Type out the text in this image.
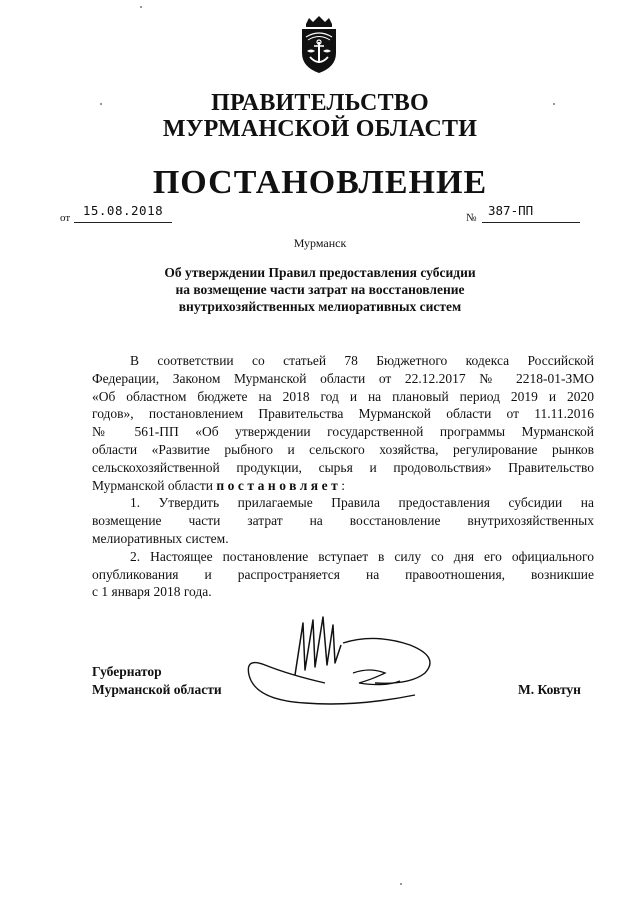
ПРАВИТЕЛЬСТВО
МУРМАНСКОЙ ОБЛАСТИ
ПОСТАНОВЛЕНИЕ
от	15.08.2018	№ 387-ПП
Мурманск
Об утверждении Правил предоставления субсидии
на возмещение части затрат на восстановление
внутрихозяйственных мелиоративных систем
В соответствии со статьей 78 Бюджетного кодекса Российской
Федерации, Законом Мурманской области от 22.12.2017 № 2218-01-ЗМО
«Об областном бюджете на 2018 год и на плановый период 2019 и 2020
годов», постановлением Правительства Мурманской области от 11.11.2016
№ 561-ПП «Об утверждении государственной программы Мурманской
области «Развитие рыбного и сельского хозяйства, регулирование рынков
сельскохозяйственной продукции, сырья и продовольствия» Правительство
Мурманской области постановляет:
1. Утвердить прилагаемые Правила предоставления субсидии на
возмещение части затрат на восстановление внутрихозяйственных
мелиоративных систем.
2. Настоящее постановление вступает в силу со дня его официального
опубликования и распространяется на правоотношения, возникшие
с 1 января 2018 года.
Губернатор
Мурманской области	М. Ковтун
